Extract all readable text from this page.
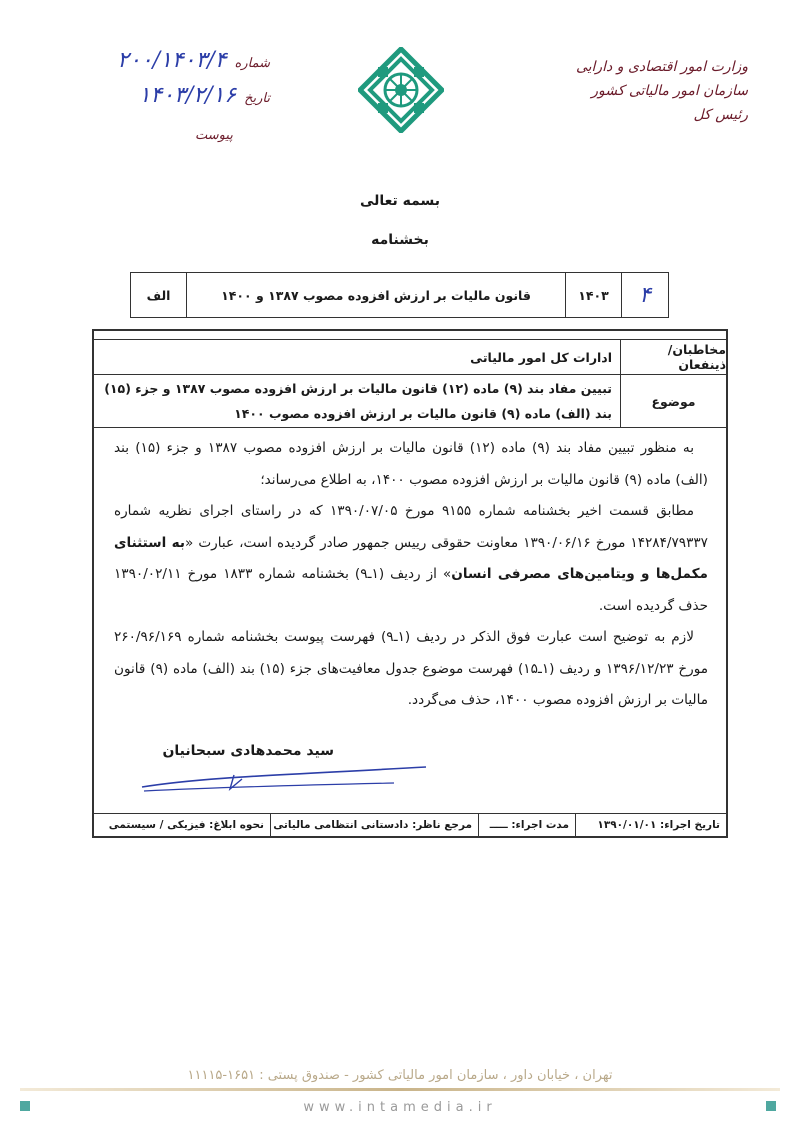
وزارت امور اقتصادی و دارایی
سازمان امور مالیاتی کشور
رئیس کل
شماره
۲۰۰/۱۴۰۳/۴
تاریخ
۱۴۰۳/۲/۱۶
پیوست
بسمه تعالی
بخشنامه
الف	قانون مالیات بر ارزش افزوده مصوب ۱۳۸۷ و ۱۴۰۰	۱۴۰۳	۴
مخاطبان/ذینفعان
ادارات کل امور مالیاتی
موضوع
تبیین مفاد بند (۹) ماده (۱۲) قانون مالیات بر ارزش افزوده مصوب ۱۳۸۷ و جزء (۱۵) بند (الف) ماده (۹) قانون مالیات بر ارزش افزوده مصوب ۱۴۰۰

به منظور تبیین مفاد بند (۹) ماده (۱۲) قانون مالیات بر ارزش افزوده مصوب ۱۳۸۷ و جزء (۱۵) بند (الف) ماده (۹) قانون مالیات بر ارزش افزوده مصوب ۱۴۰۰، به اطلاع می‌رساند؛

مطابق قسمت اخیر بخشنامه شماره ۹۱۵۵ مورخ ۱۳۹۰/۰۷/۰۵ که در راستای اجرای نظریه شماره ۱۴۲۸۴/۷۹۳۳۷ مورخ ۱۳۹۰/۰۶/۱۶ معاونت حقوقی رییس جمهور صادر گردیده است، عبارت «به استثنای مکمل‌ها و ویتامین‌های مصرفی انسان» از ردیف (۱ـ۹) بخشنامه شماره ۱۸۳۳ مورخ ۱۳۹۰/۰۲/۱۱ حذف گردیده است.

لازم به توضیح است عبارت فوق الذکر در ردیف (۱ـ۹) فهرست پیوست بخشنامه شماره ۲۶۰/۹۶/۱۶۹ مورخ ۱۳۹۶/۱۲/۲۳ و ردیف (۱ـ۱۵) فهرست موضوع جدول معافیت‌های جزء (۱۵) بند (الف) ماده (۹) قانون مالیات بر ارزش افزوده مصوب ۱۴۰۰، حذف می‌گردد.

سید محمدهادی سبحانیان
تاریخ اجراء: ۱۳۹۰/۰۱/۰۱
مدت اجراء: ـــــ
مرجع ناظر: دادستانی انتظامی مالیاتی
نحوه ابلاغ: فیزیکی / سیستمی
تهران ، خیابان داور ، سازمان امور مالیاتی کشور - صندوق پستی : ۱۶۵۱-۱۱۱۱۵
www.intamedia.ir
